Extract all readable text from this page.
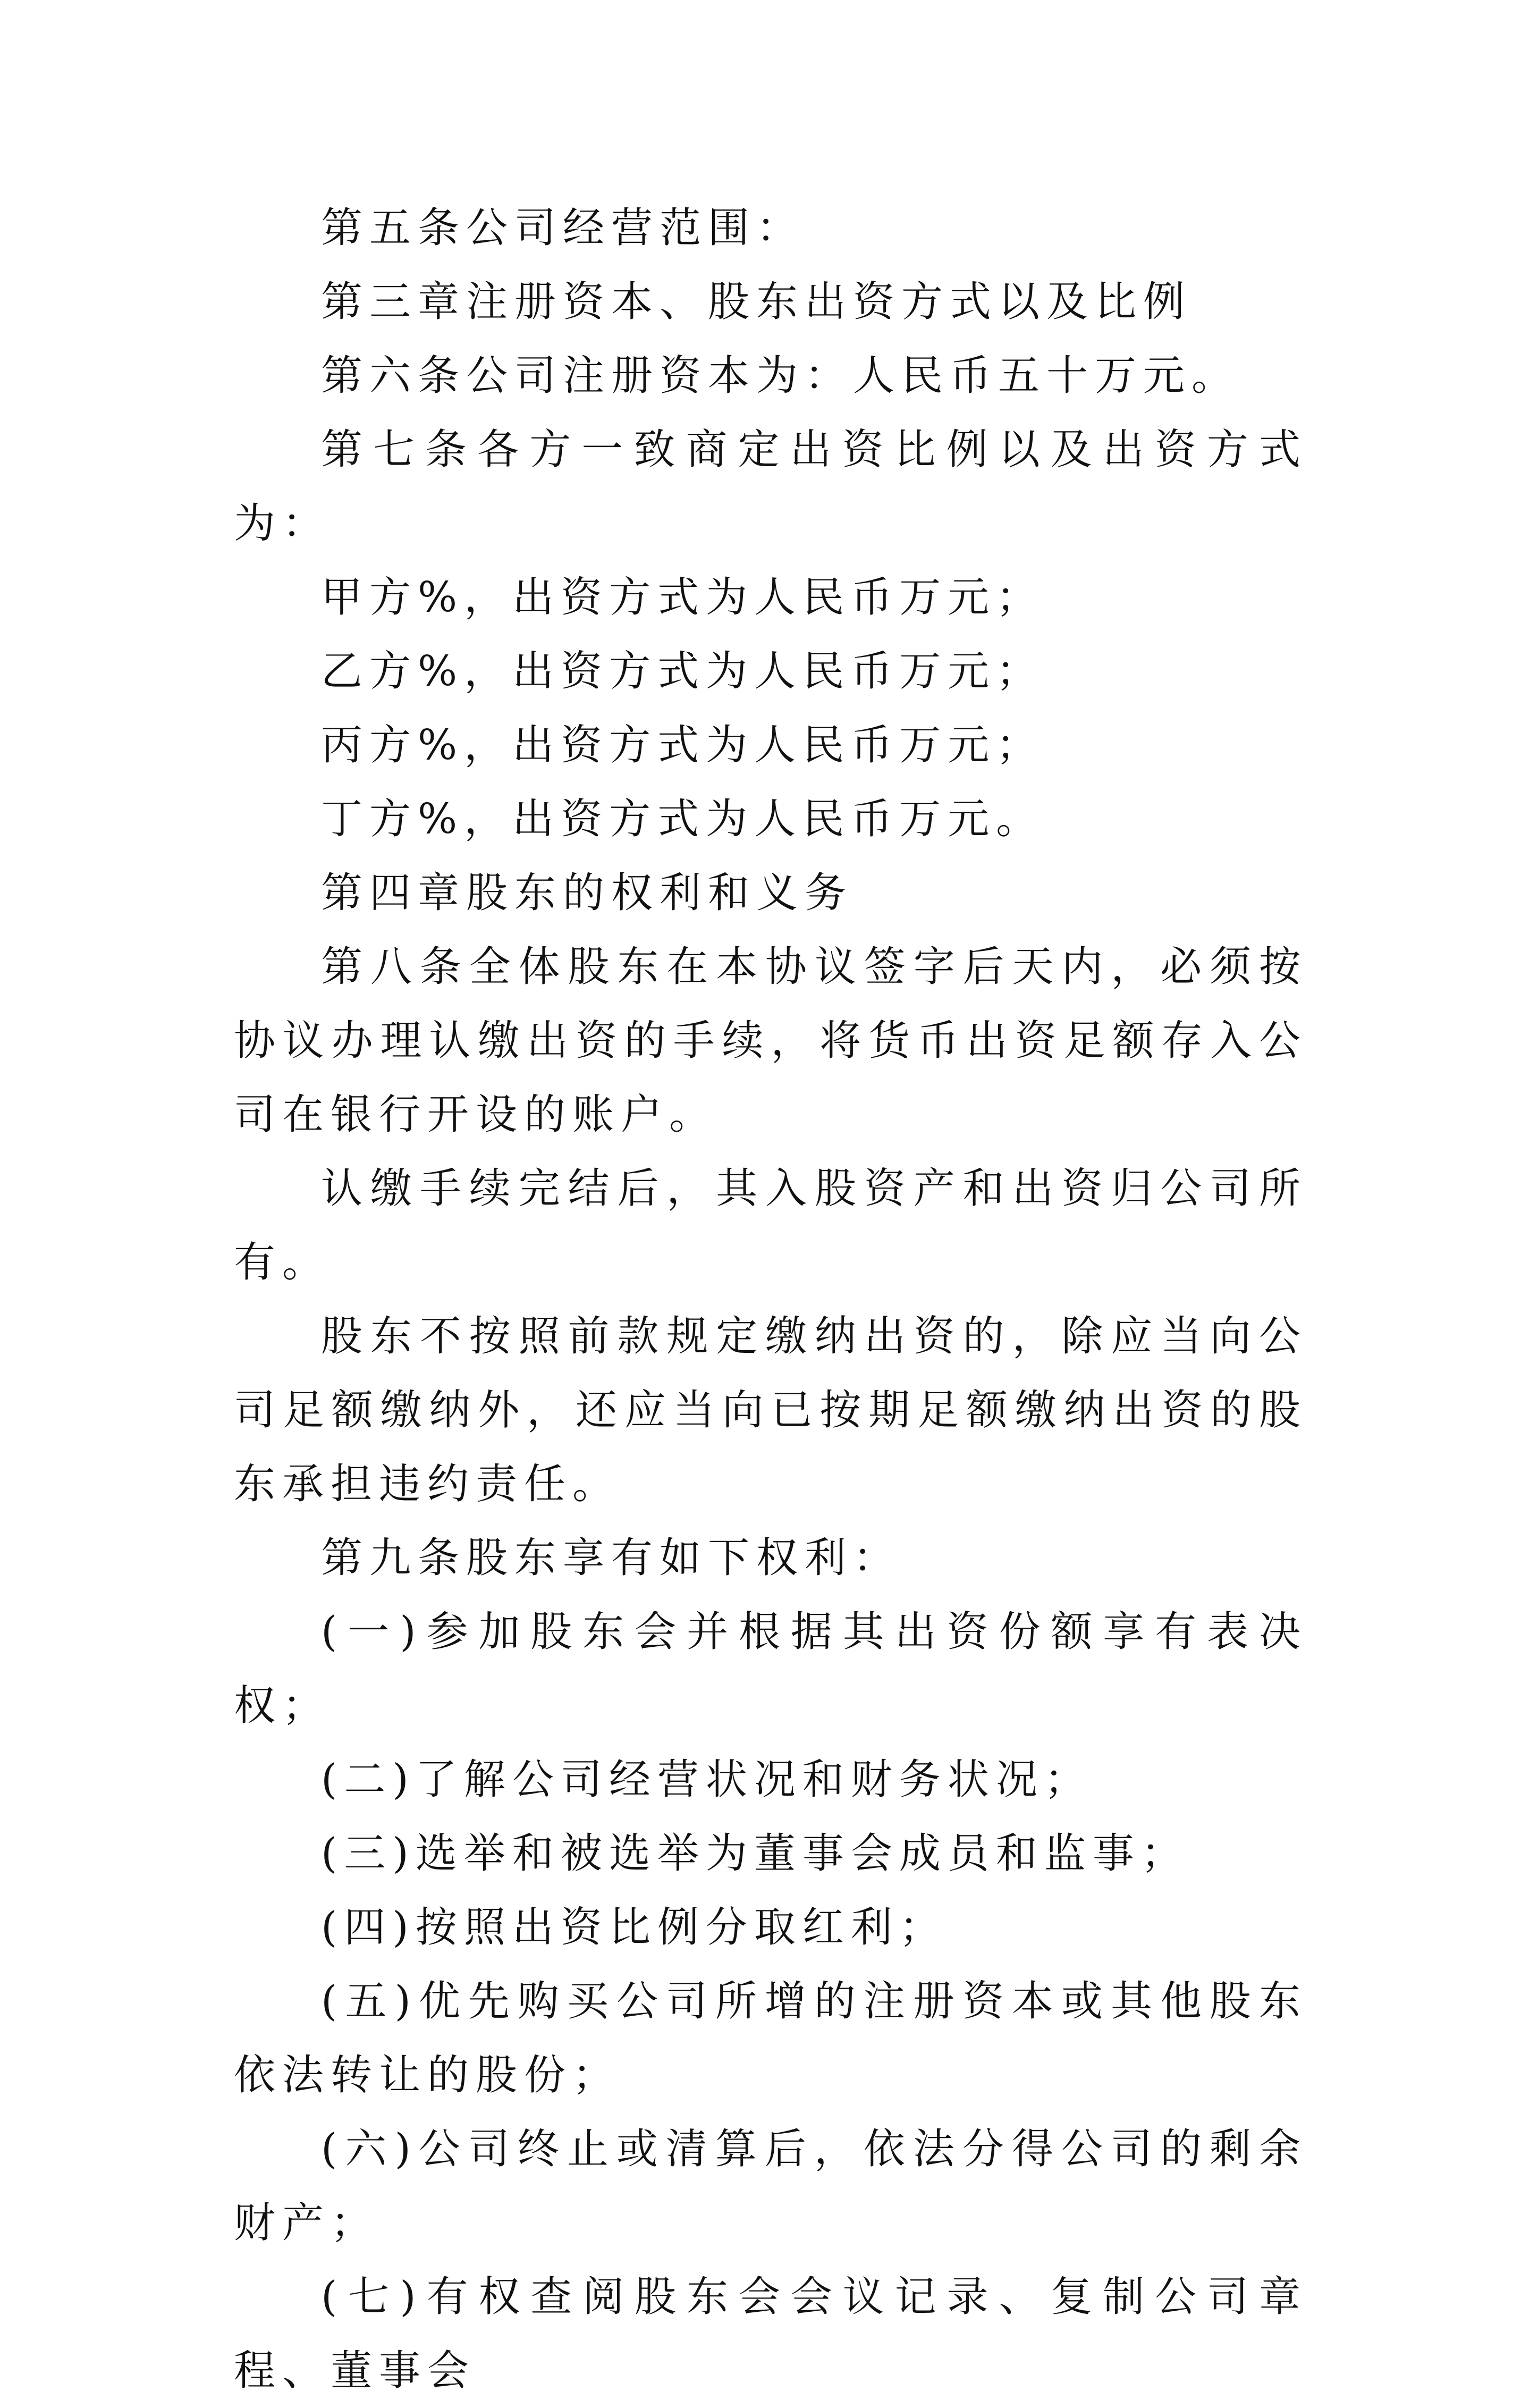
第五条公司经营范围：

第三章注册资本、股东出资方式以及比例

第六条公司注册资本为：人民币五十万元。

第七条各方一致商定出资比例以及出资方式为：

甲方%，出资方式为人民币万元；

乙方%，出资方式为人民币万元；

丙方%，出资方式为人民币万元；

丁方%，出资方式为人民币万元。

第四章股东的权利和义务

第八条全体股东在本协议签字后天内，必须按协议办理认缴出资的手续，将货币出资足额存入公司在银行开设的账户。

认缴手续完结后，其入股资产和出资归公司所有。

股东不按照前款规定缴纳出资的，除应当向公司足额缴纳外，还应当向已按期足额缴纳出资的股东承担违约责任。

第九条股东享有如下权利：

(一)参加股东会并根据其出资份额享有表决权；

(二)了解公司经营状况和财务状况；

(三)选举和被选举为董事会成员和监事；

(四)按照出资比例分取红利；

(五)优先购买公司所增的注册资本或其他股东依法转让的股份；

(六)公司终止或清算后，依法分得公司的剩余财产；

(七)有权查阅股东会会议记录、复制公司章程、董事会
